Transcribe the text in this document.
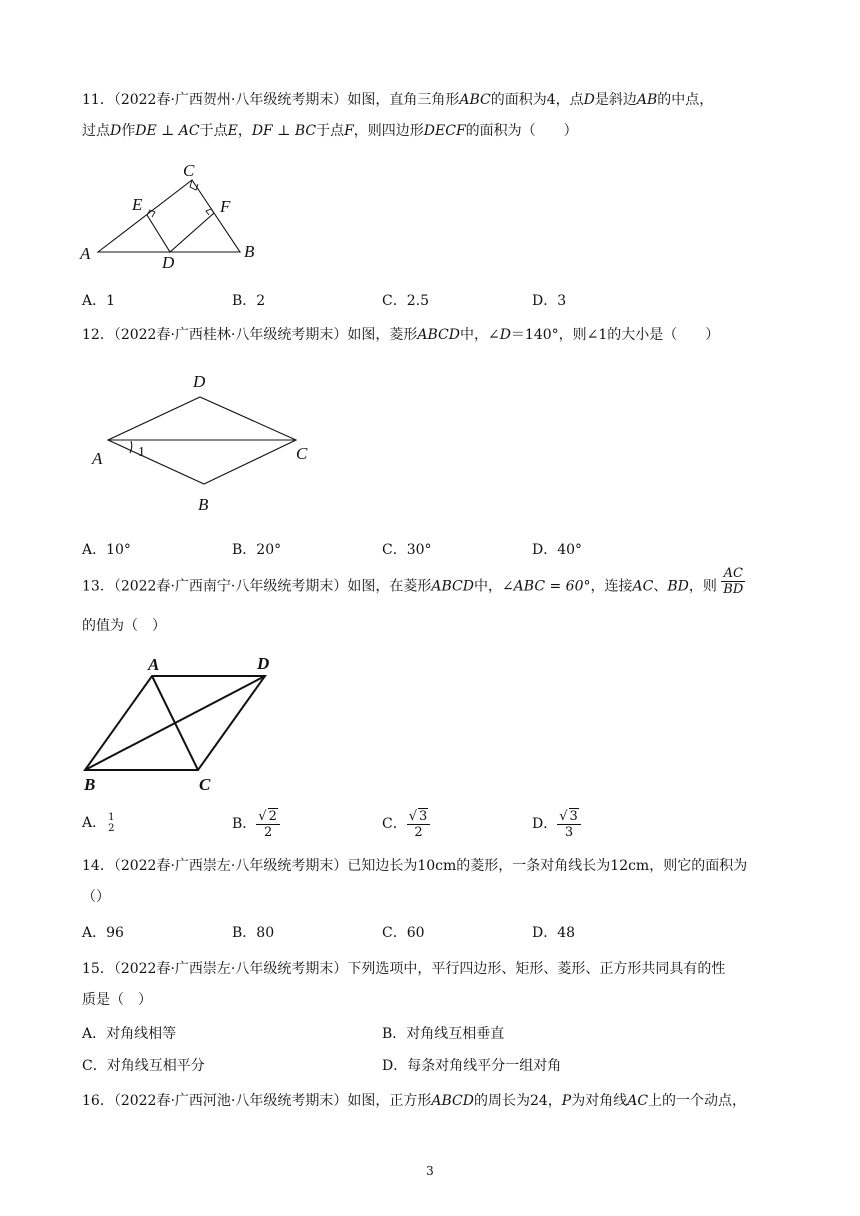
11．（2022春·广西贺州·八年级统考期末）如图，直角三角形ABC的面积为4，点D是斜边AB的中点，
过点D作DE ⊥ AC于点E，DF ⊥ BC于点F，则四边形DECF的面积为（　　）
C
E	F
A	B
D
A．1	B．2	C．2.5	D．3
12．（2022春·广西桂林·八年级统考期末）如图，菱形ABCD中，∠D＝140°，则∠1的大小是（　　）
D
A	C
B
1
A．10°	B．20°	C．30°	D．40°
13．（2022春·广西南宁·八年级统考期末）如图，在菱形ABCD中，∠ABC = 60°，连接AC、BD，则 $\frac{AC}{BD}$
的值为（　）
A	D
B	C
A． 1
2	B． $\frac{√ 2}{2}$	C． $\frac{√ 3}{2}$	D． $\frac{√ 3}{3}$
14．（2022春·广西崇左·八年级统考期末）已知边长为10cm的菱形，一条对角线长为12cm，则它的面积为
（）
A．96	B．80	C．60	D．48
15．（2022春·广西崇左·八年级统考期末）下列选项中，平行四边形、矩形、菱形、正方形共同具有的性
质是（　）
A．对角线相等	B．对角线互相垂直
C．对角线互相平分	D．每条对角线平分一组对角
16．（2022春·广西河池·八年级统考期末）如图，正方形ABCD的周长为24，P为对角线AC上的一个动点，
3
